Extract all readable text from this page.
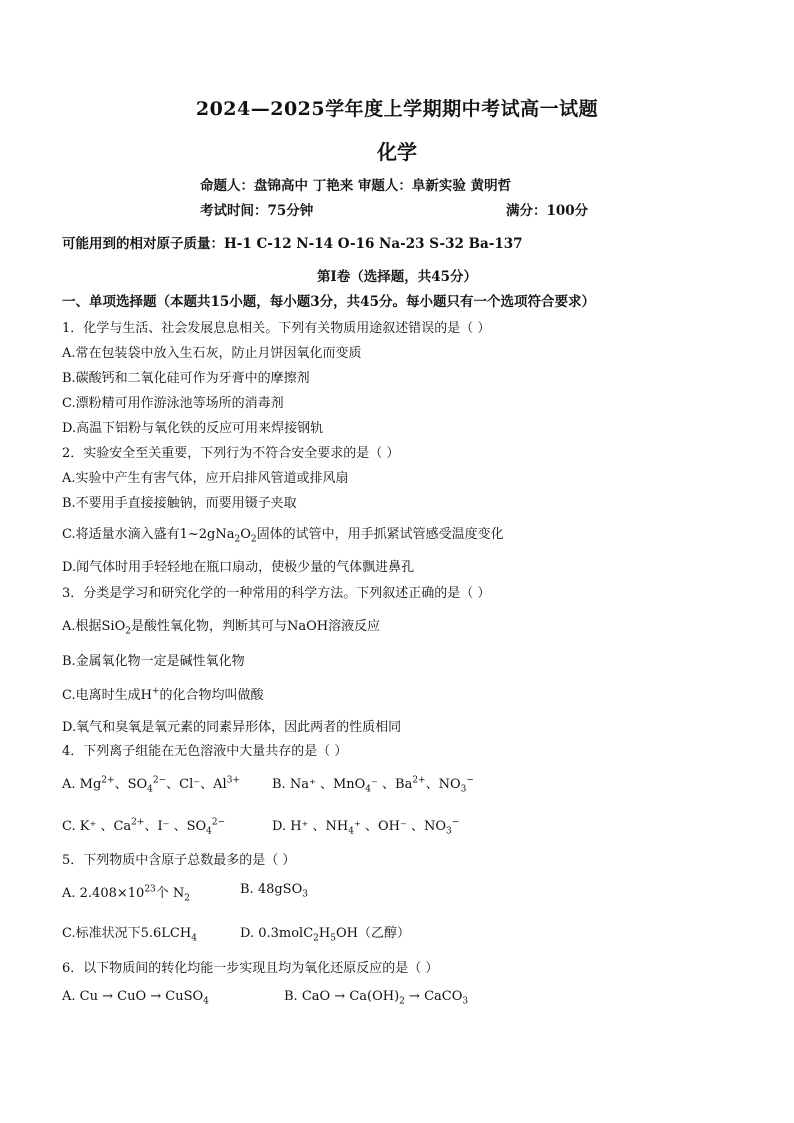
2024—2025学年度上学期期中考试高一试题
化学
命题人：盘锦高中 丁艳来 审题人：阜新实验 黄明哲
考试时间：75分钟	满分：100分
可能用到的相对原子质量：H-1 C-12 N-14 O-16 Na-23 S-32 Ba-137
第Ⅰ卷（选择题，共45分）
一、单项选择题（本题共15小题，每小题3分，共45分。每小题只有一个选项符合要求）
1．化学与生活、社会发展息息相关。下列有关物质用途叙述错误的是（ ）
A.常在包装袋中放入生石灰，防止月饼因氧化而变质
B.碳酸钙和二氧化硅可作为牙膏中的摩擦剂
C.漂粉精可用作游泳池等场所的消毒剂
D.高温下铝粉与氧化铁的反应可用来焊接钢轨
2．实验安全至关重要，下列行为不符合安全要求的是（ ）
A.实验中产生有害气体，应开启排风管道或排风扇
B.不要用手直接接触钠，而要用镊子夹取
C.将适量水滴入盛有$1\sim 2gNa_2O_2$固体的试管中，用手抓紧试管感受温度变化
D.闻气体时用手轻轻地在瓶口扇动，使极少量的气体飘进鼻孔
3．分类是学习和研究化学的一种常用的科学方法。下列叙述正确的是（ ）
A.根据SiO$_2$是酸性氧化物，判断其可与NaOH溶液反应
B.金属氧化物一定是碱性氧化物
C.电离时生成H+的化合物均叫做酸
D.氧气和臭氧是氧元素的同素异形体，因此两者的性质相同
4．下列离子组能在无色溶液中大量共存的是（ ）
A. $Mg^{2+}$、$SO_4^{2-}$、Cl⁻、$Al^{3+}$ B. Na⁺ 、MnO$_4$⁻ 、$Ba^{2+}$、$NO_3^-$
C. K⁺ 、$Ca^{2+}$、I⁻ 、$SO_4^{2-}$	D. H⁺ 、$NH_4^+$ 、OH⁻ 、$NO_3^-$
5．下列物质中含原子总数最多的是（ ）
A. $2.408\times 10^{23}$个 $N_2$
B. 48gSO$_3$
C.标准状况下$5.6LCH_4$	D. $0.3molC_2H_5OH$（乙醇）
6．以下物质间的转化均能一步实现且均为氧化还原反应的是（ ）
A. Cu → CuO → CuSO$_4$	B. CaO → $Ca(OH)_2$ → CaCO$_3$
